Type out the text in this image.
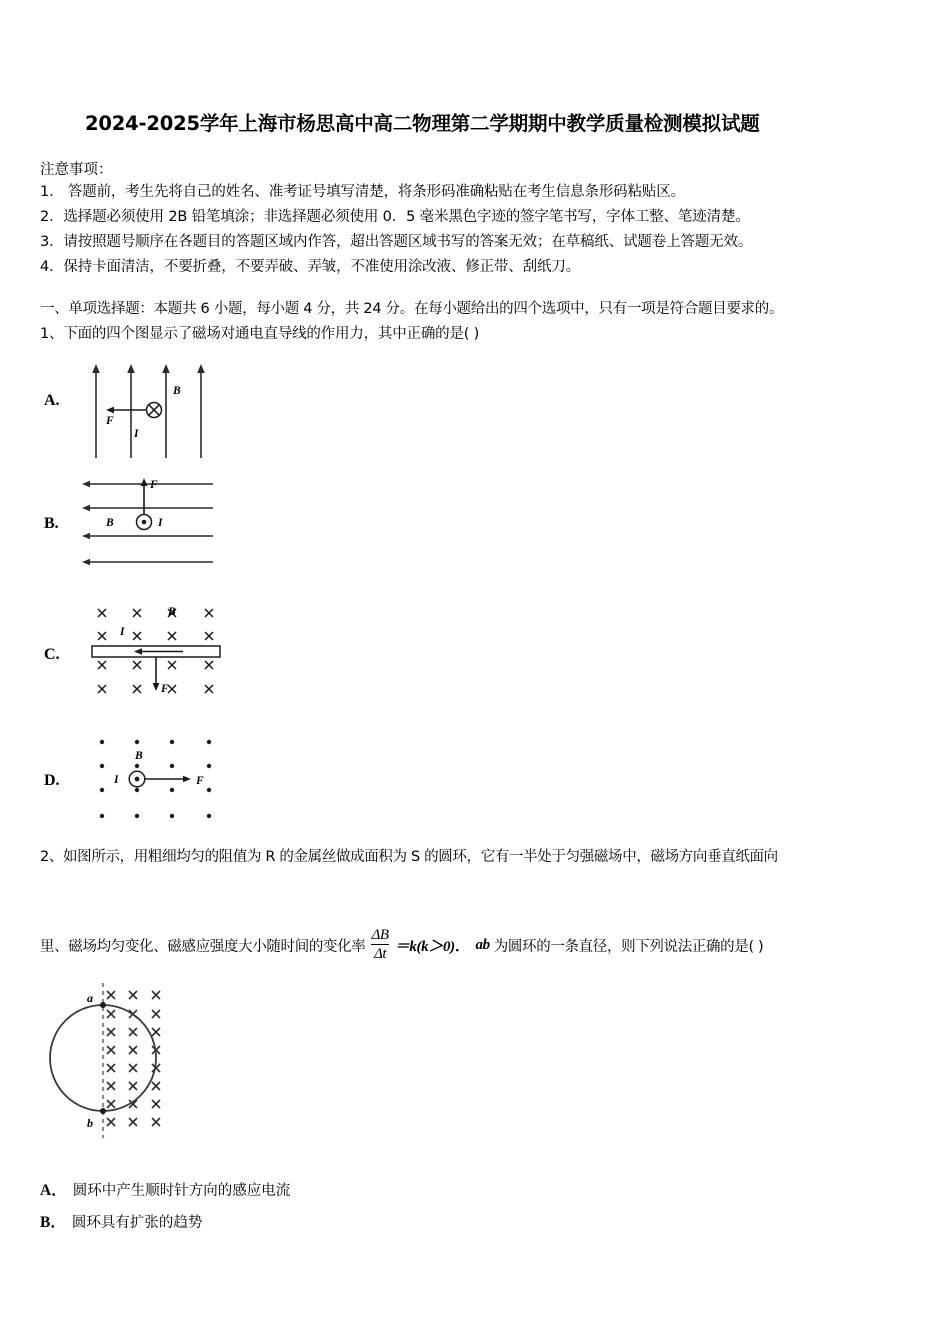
2024-2025学年上海市杨思高中高二物理第二学期期中教学质量检测模拟试题
注意事项：
1． 答题前，考生先将自己的姓名、准考证号填写清楚，将条形码准确粘贴在考生信息条形码粘贴区。
2．选择题必须使用 2B 铅笔填涂；非选择题必须使用 0．5 毫米黑色字迹的签字笔书写，字体工整、笔迹清楚。
3．请按照题号顺序在各题目的答题区域内作答，超出答题区域书写的答案无效；在草稿纸、试题卷上答题无效。
4．保持卡面清洁，不要折叠，不要弄破、弄皱，不准使用涂改液、修正带、刮纸刀。
一、单项选择题：本题共 6 小题，每小题 4 分，共 24 分。在每小题给出的四个选项中，只有一项是符合题目要求的。
1、下面的四个图显示了磁场对通电直导线的作用力，其中正确的是( )
A.
B
F
I
B.
F
B	I
C.
B
I
F
D.
B
I	F
2、如图所示，用粗细均匀的阻值为 R 的金属丝做成面积为 S 的圆环，它有一半处于匀强磁场中，磁场方向垂直纸面向
里、磁场均匀变化、磁感应强度大小随时间的变化率 $\frac{\Delta B}{\Delta t} =k(k>0)$． ab 为圆环的一条直径，则下列说法正确的是( )
a
b
A． 圆环中产生顺时针方向的感应电流
B． 圆环具有扩张的趋势
